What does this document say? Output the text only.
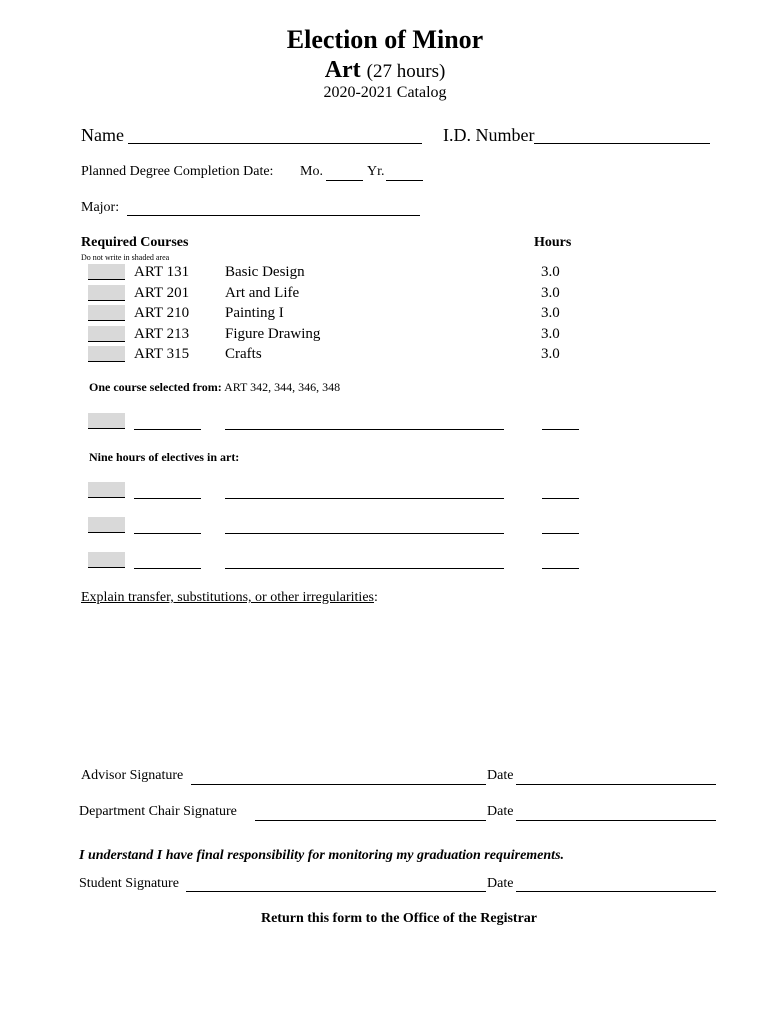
Election of Minor
Art (27 hours)
2020-2021 Catalog
Name	I.D. Number
Planned Degree Completion Date: Mo.	Yr.
Major:
Required Courses	Hours
Do not write in shaded area
ART 131 Basic Design	3.0
ART 201 Art and Life	3.0
ART 210 Painting I	3.0
ART 213 Figure Drawing	3.0
ART 315 Crafts	3.0
One course selected from: ART 342, 344, 346, 348
Nine hours of electives in art:
Explain transfer, substitutions, or other irregularities:
Advisor Signature	Date
Department Chair Signature	Date
I understand I have final responsibility for monitoring my graduation requirements.
Student Signature	Date
Return this form to the Office of the Registrar
